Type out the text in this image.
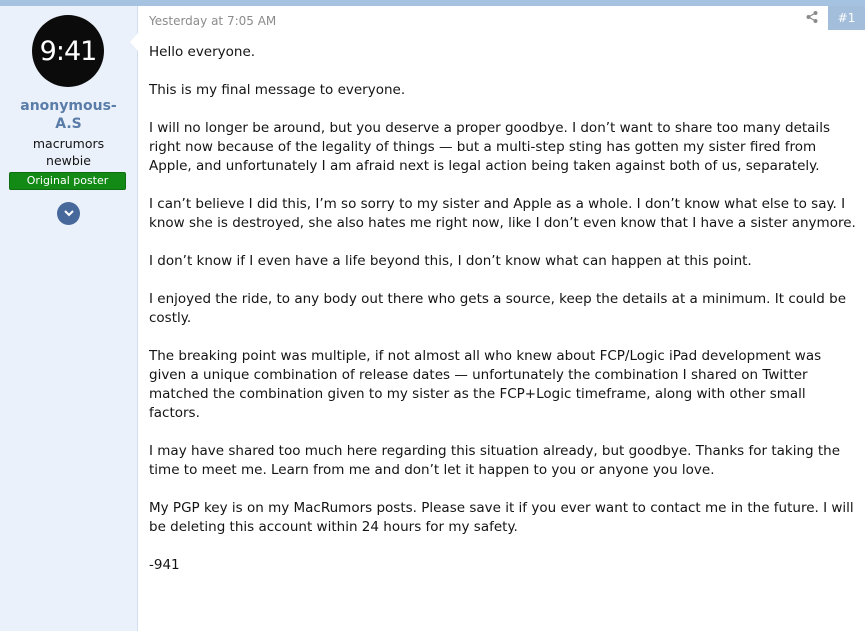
9:41
anonymous-
A.S
macrumors
newbie
Original poster
Yesterday at 7:05 AM	#1

Hello everyone.

This is my final message to everyone.

I will no longer be around, but you deserve a proper goodbye. I don’t want to share too many details right now because of the legality of things — but a multi-step sting has gotten my sister fired from Apple, and unfortunately I am afraid next is legal action being taken against both of us, separately.

I can’t believe I did this, I’m so sorry to my sister and Apple as a whole. I don’t know what else to say. I know she is destroyed, she also hates me right now, like I don’t even know that I have a sister anymore.

I don’t know if I even have a life beyond this, I don’t know what can happen at this point.

I enjoyed the ride, to any body out there who gets a source, keep the details at a minimum. It could be costly.

The breaking point was multiple, if not almost all who knew about FCP/Logic iPad development was given a unique combination of release dates — unfortunately the combination I shared on Twitter matched the combination given to my sister as the FCP+Logic timeframe, along with other small factors.

I may have shared too much here regarding this situation already, but goodbye. Thanks for taking the time to meet me. Learn from me and don’t let it happen to you or anyone you love.

My PGP key is on my MacRumors posts. Please save it if you ever want to contact me in the future. I will be deleting this account within 24 hours for my safety.

-941
